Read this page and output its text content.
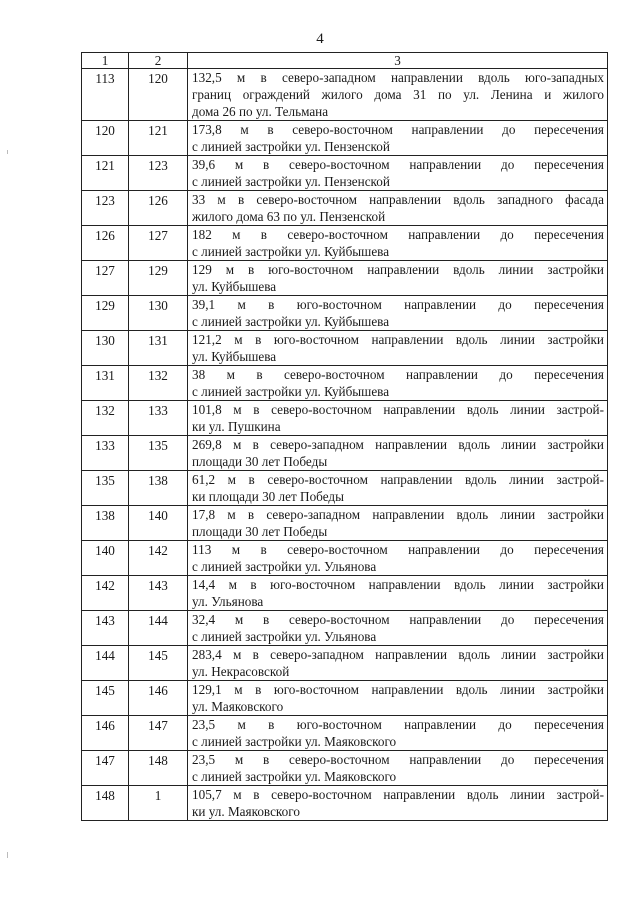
4
1	2	3
113	120	132,5 м в северо-западном направлении вдоль юго-западных
границ ограждений жилого дома 31 по ул. Ленина и жилого
дома 26 по ул. Тельмана

120	121	173,8 м в северо-восточном направлении до пересечения
с линией застройки ул. Пензенской

121	123	39,6 м в северо-восточном направлении до пересечения
с линией застройки ул. Пензенской

123	126	33 м в северо-восточном направлении вдоль западного фасада
жилого дома 63 по ул. Пензенской

126	127	182 м в северо-восточном направлении до пересечения
с линией застройки ул. Куйбышева

127	129	129 м в юго-восточном направлении вдоль линии застройки
ул. Куйбышева

129	130	39,1 м в юго-восточном направлении до пересечения
с линией застройки ул. Куйбышева

130	131	121,2 м в юго-восточном направлении вдоль линии застройки
ул. Куйбышева

131	132	38 м в северо-восточном направлении до пересечения
с линией застройки ул. Куйбышева

132	133	101,8 м в северо-восточном направлении вдоль линии застрой-
ки ул. Пушкина

133	135	269,8 м в северо-западном направлении вдоль линии застройки
площади 30 лет Победы

135	138	61,2 м в северо-восточном направлении вдоль линии застрой-
ки площади 30 лет Победы

138	140	17,8 м в северо-западном направлении вдоль линии застройки
площади 30 лет Победы

140	142	113 м в северо-восточном направлении до пересечения
с линией застройки ул. Ульянова

142	143	14,4 м в юго-восточном направлении вдоль линии застройки
ул. Ульянова

143	144	32,4 м в северо-восточном направлении до пересечения
с линией застройки ул. Ульянова

144	145	283,4 м в северо-западном направлении вдоль линии застройки
ул. Некрасовской

145	146	129,1 м в юго-восточном направлении вдоль линии застройки
ул. Маяковского

146	147	23,5 м в юго-восточном направлении до пересечения
с линией застройки ул. Маяковского

147	148	23,5 м в северо-восточном направлении до пересечения
с линией застройки ул. Маяковского

148	1	105,7 м в северо-восточном направлении вдоль линии застрой-
ки ул. Маяковского
